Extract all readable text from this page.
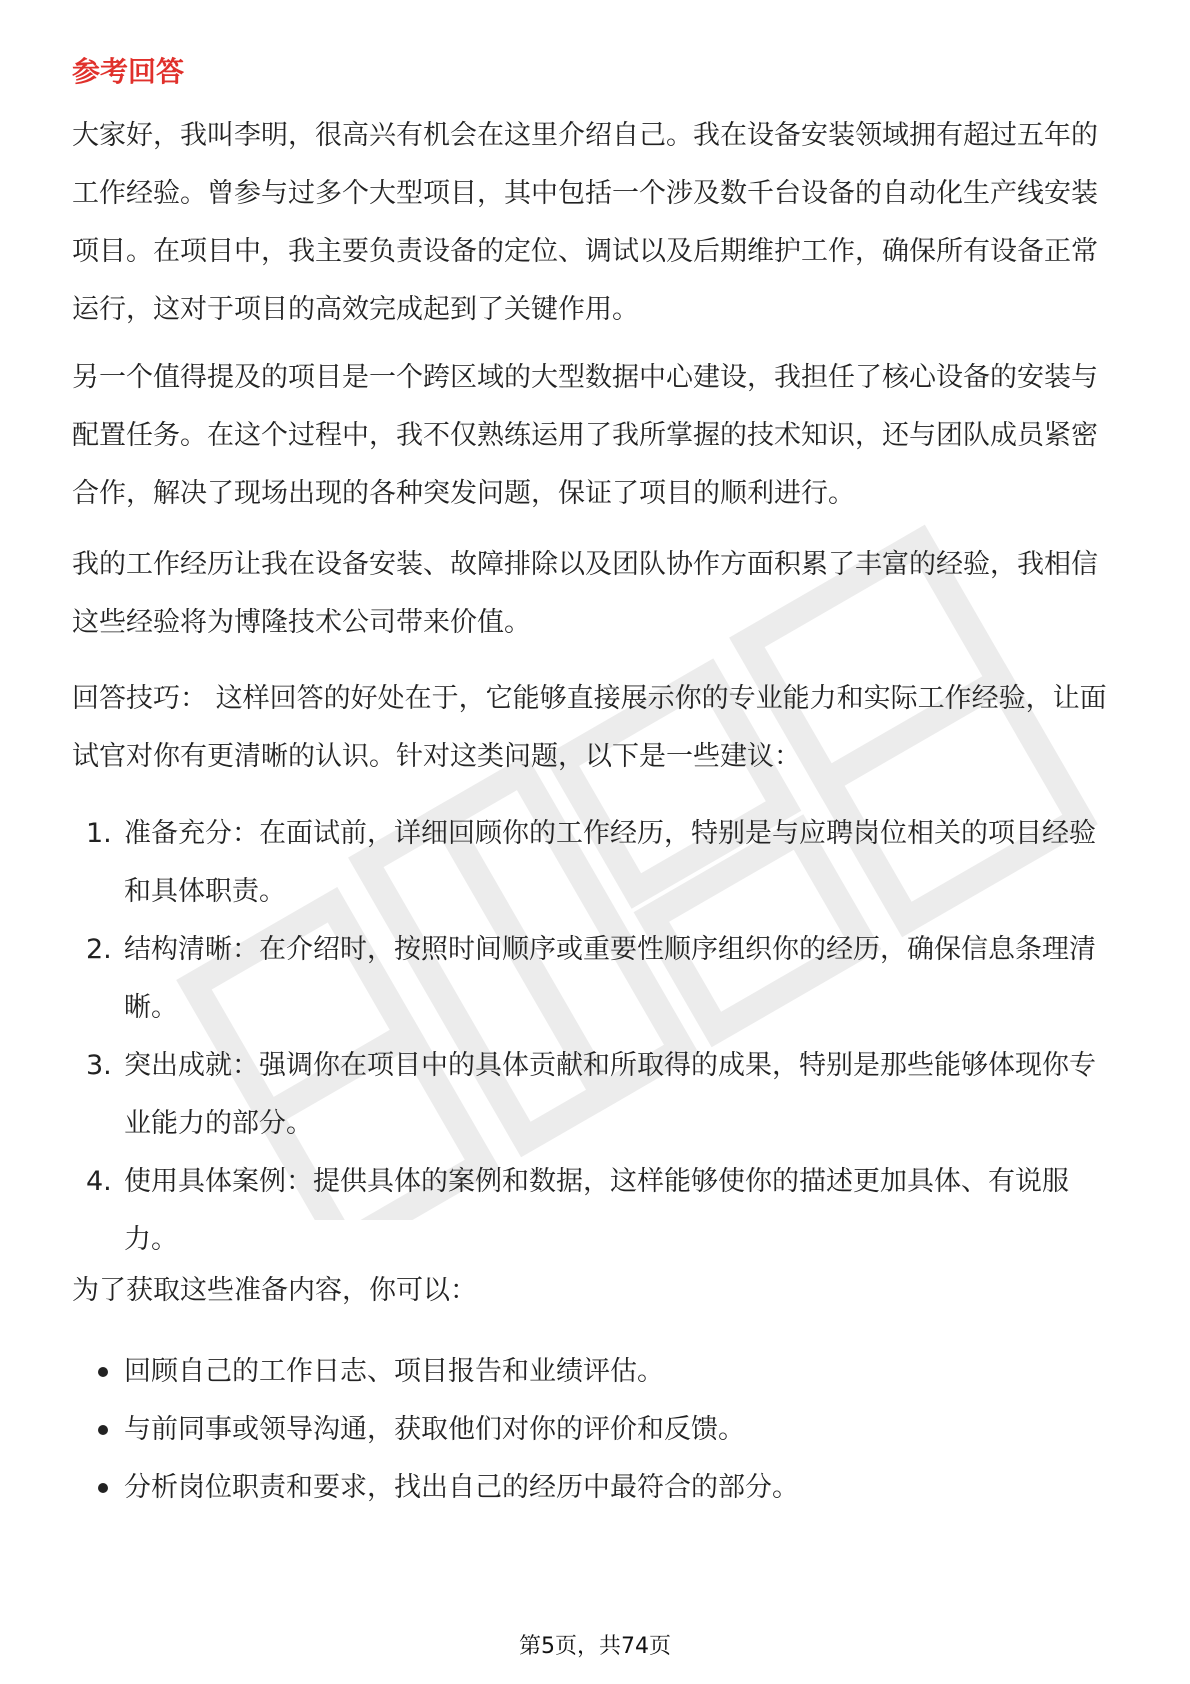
参考回答

大家好，我叫李明，很高兴有机会在这里介绍自己。我在设备安装领域拥有超过五年的工作经验。曾参与过多个大型项目，其中包括一个涉及数千台设备的自动化生产线安装项目。在项目中，我主要负责设备的定位、调试以及后期维护工作，确保所有设备正常运行，这对于项目的高效完成起到了关键作用。

另一个值得提及的项目是一个跨区域的大型数据中心建设，我担任了核心设备的安装与配置任务。在这个过程中，我不仅熟练运用了我所掌握的技术知识，还与团队成员紧密合作，解决了现场出现的各种突发问题，保证了项目的顺利进行。

我的工作经历让我在设备安装、故障排除以及团队协作方面积累了丰富的经验，我相信这些经验将为博隆技术公司带来价值。

回答技巧： 这样回答的好处在于，它能够直接展示你的专业能力和实际工作经验，让面试官对你有更清晰的认识。针对这类问题，以下是一些建议：

1. 准备充分：在面试前，详细回顾你的工作经历，特别是与应聘岗位相关的项目经验和具体职责。
2. 结构清晰：在介绍时，按照时间顺序或重要性顺序组织你的经历，确保信息条理清晰。
3. 突出成就：强调你在项目中的具体贡献和所取得的成果，特别是那些能够体现你专业能力的部分。
4. 使用具体案例：提供具体的案例和数据，这样能够使你的描述更加具体、有说服力。

为了获取这些准备内容，你可以：

回顾自己的工作日志、项目报告和业绩评估。
与前同事或领导沟通，获取他们对你的评价和反馈。
分析岗位职责和要求，找出自己的经历中最符合的部分。
第5页，共74页
